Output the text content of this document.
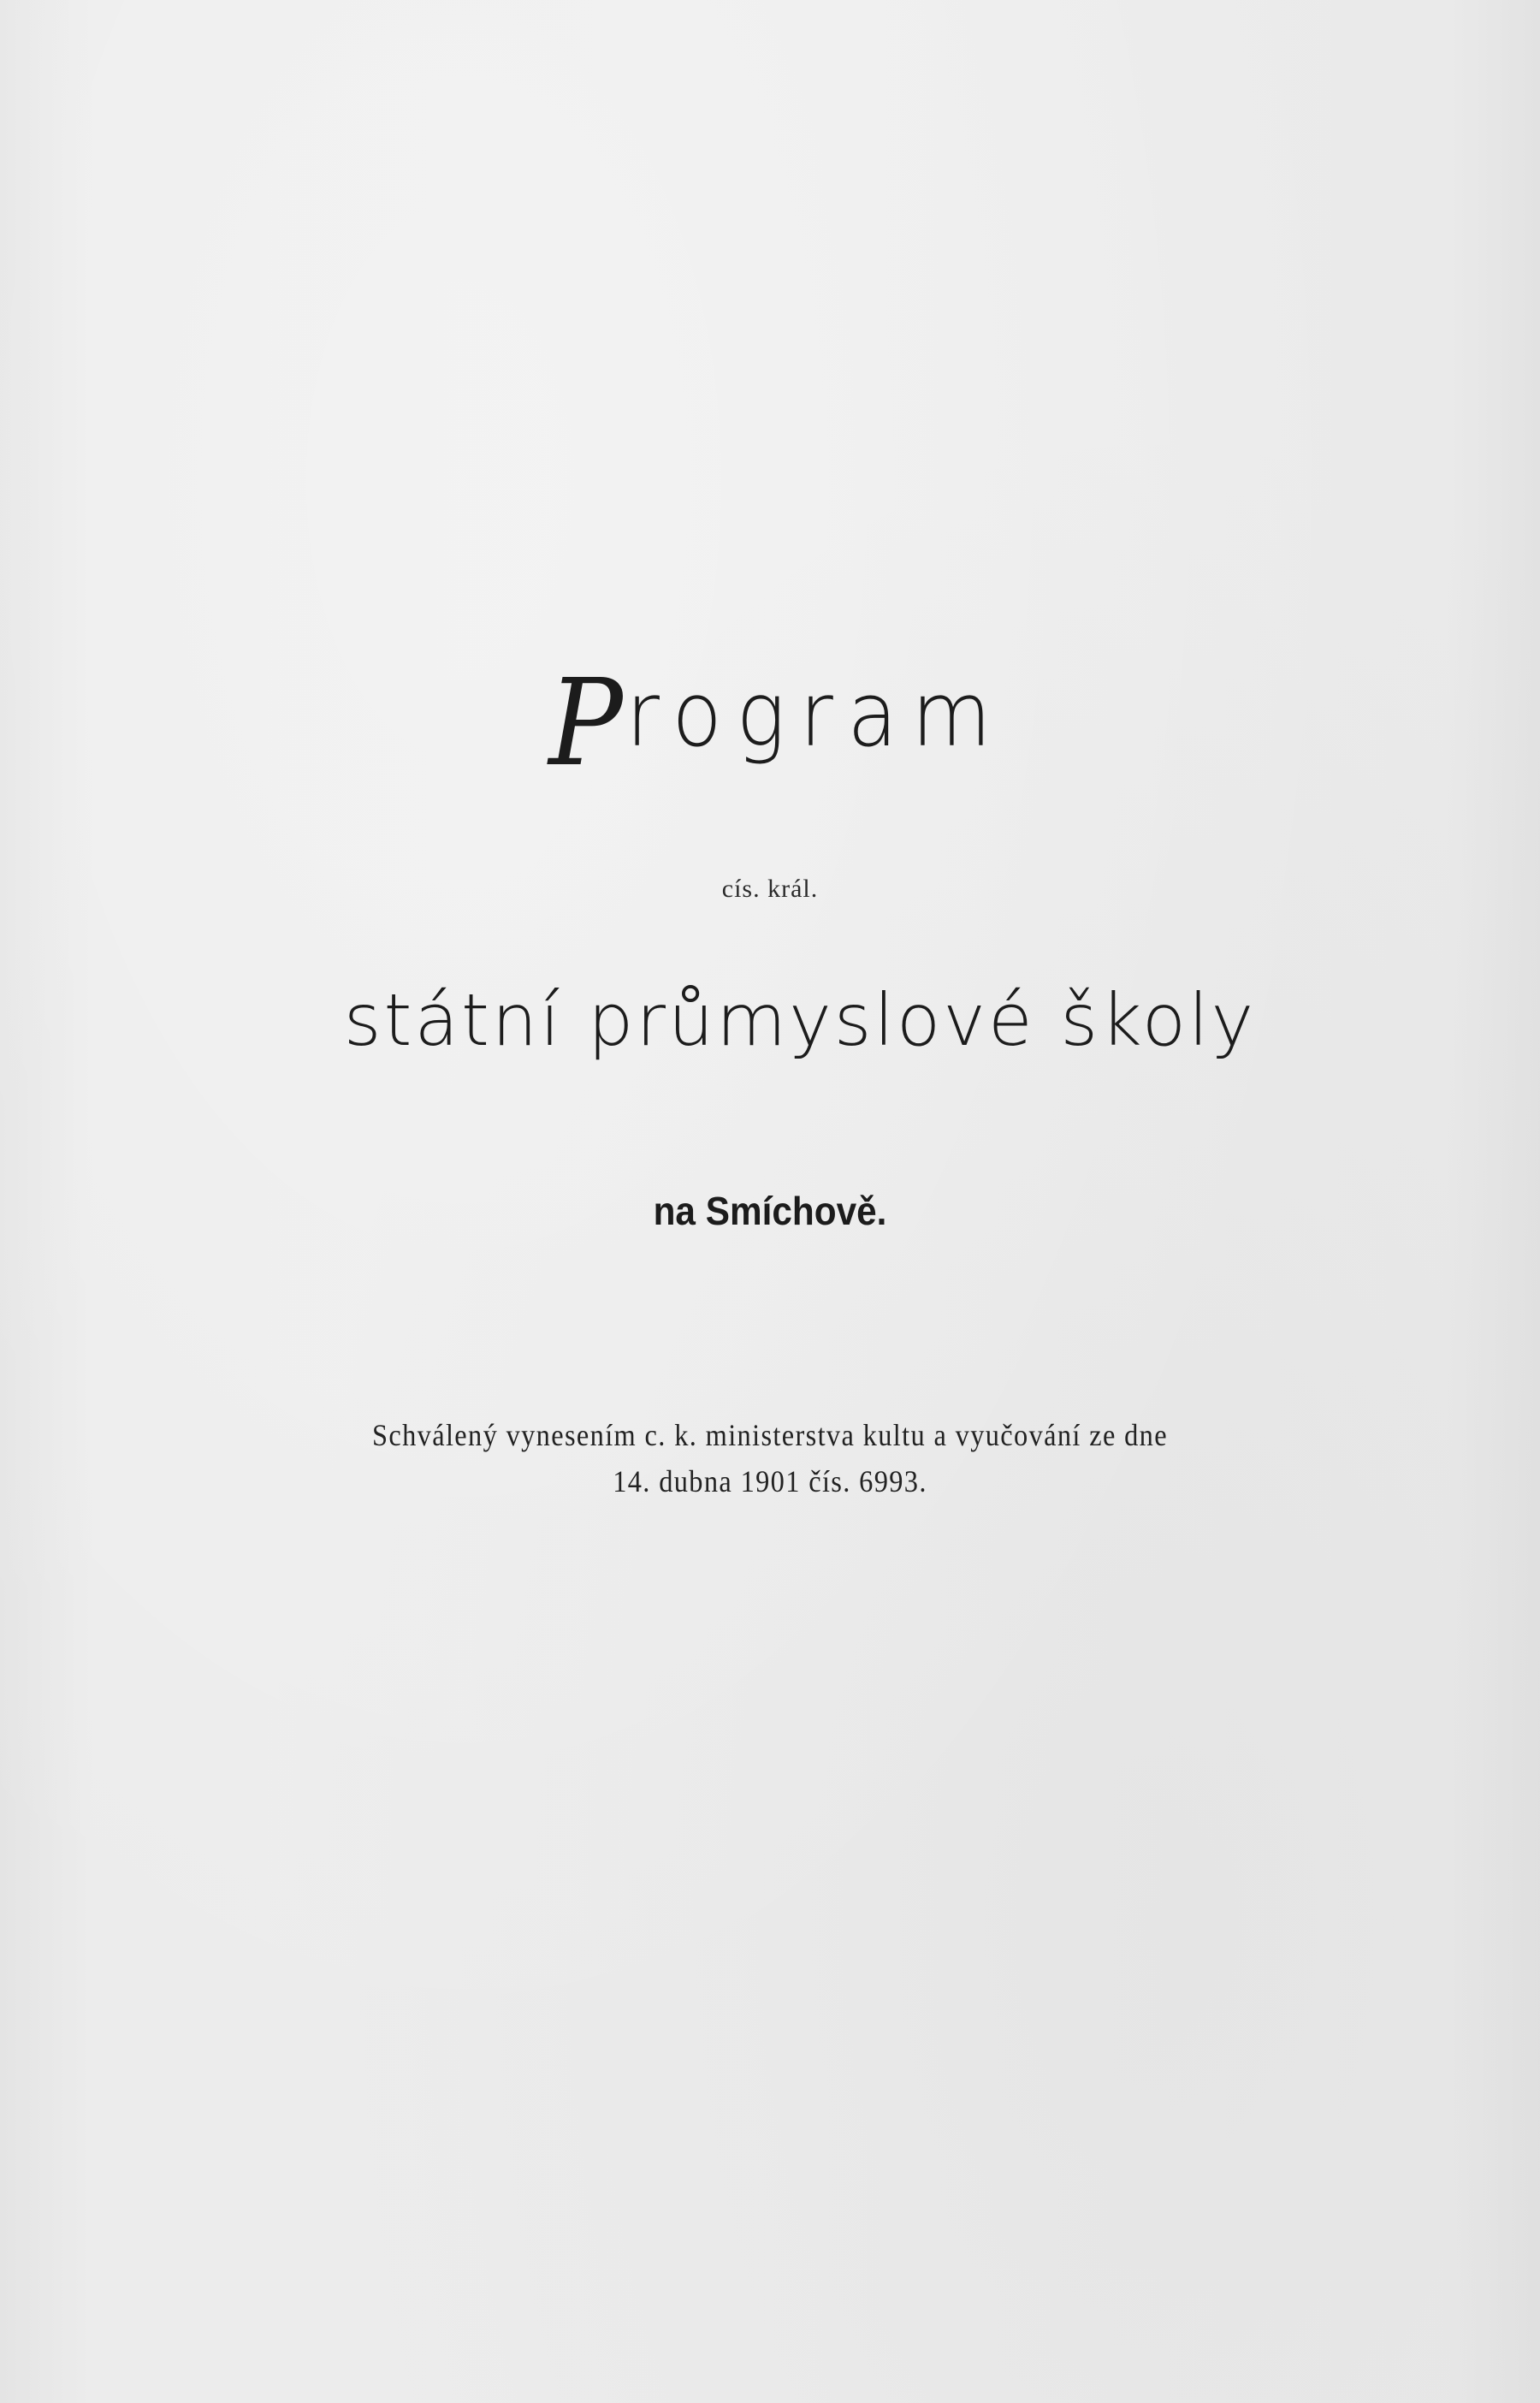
Program
cís. král.
státní průmyslové školy
na Smíchově.
Schválený vynesením c. k. ministerstva kultu a vyučování ze dne
14. dubna 1901 čís. 6993.
